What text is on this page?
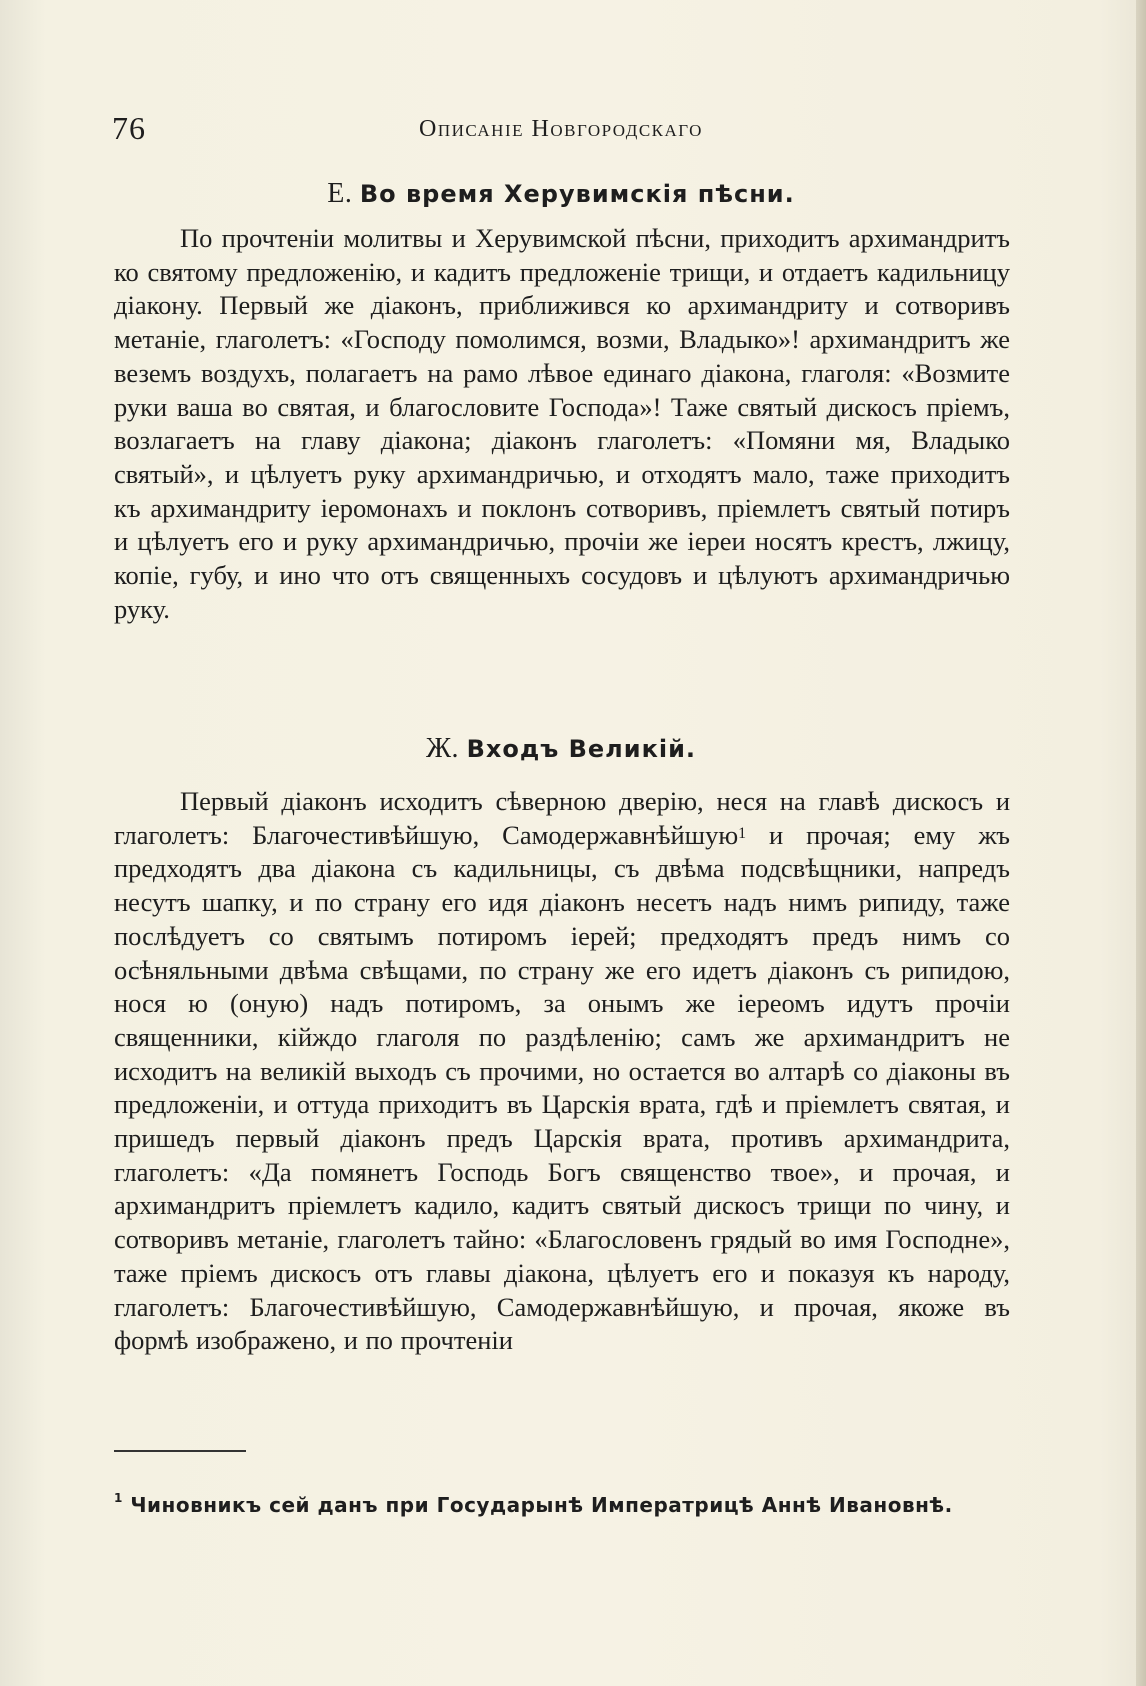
76	Описаніе Новгородскаго
Е. Во время Херувимскія пѣсни.

По прочтеніи молитвы и Херувимской пѣсни, приходитъ архимандритъ ко святому предложенію, и кадитъ предложеніе трищи, и отдаетъ кадильницу діакону. Первый же діаконъ, приближився ко архимандриту и сотворивъ метаніе, глаголетъ: «Господу помолимся, возми, Владыко»! архимандритъ же веземъ воздухъ, полагаетъ на рамо лѣвое единаго діакона, глаголя: «Возмите руки ваша во святая, и благословите Господа»! Таже святый дискосъ пріемъ, возлагаетъ на главу діакона; діаконъ глаголетъ: «Помяни мя, Владыко святый», и цѣлуетъ руку архимандричью, и отходятъ мало, таже приходитъ къ архимандриту іеромонахъ и поклонъ сотворивъ, пріемлетъ святый потиръ и цѣлуетъ его и руку архимандричью, прочіи же іереи носятъ крестъ, лжицу, копіе, губу, и ино что отъ священныхъ сосудовъ и цѣлуютъ архимандричью руку.

Ж. Входъ Великій.

Первый діаконъ исходитъ сѣверною дверію, неся на главѣ дискосъ и глаголетъ: Благочестивѣйшую, Самодержавнѣйшую$^1$ и прочая; ему жъ предходятъ два діакона съ кадильницы, съ двѣма подсвѣщники, напредъ несутъ шапку, и по страну его идя діаконъ несетъ надъ нимъ рипиду, таже послѣдуетъ со святымъ потиромъ іерей; предходятъ предъ нимъ со осѣняльными двѣма свѣщами, по страну же его идетъ діаконъ съ рипидою, нося ю (оную) надъ потиромъ, за онымъ же іереомъ идутъ прочіи священники, кійждо глаголя по раздѣленію; самъ же архимандритъ не исходитъ на великій выходъ съ прочими, но остается во алтарѣ со діаконы въ предложеніи, и оттуда приходитъ въ Царскія врата, гдѣ и пріемлетъ святая, и пришедъ первый діаконъ предъ Царскія врата, противъ архимандрита, глаголетъ: «Да помянетъ Господь Богъ священство твое», и прочая, и архимандритъ пріемлетъ кадило, кадитъ святый дискосъ трищи по чину, и сотворивъ метаніе, глаголетъ тайно: «Благословенъ грядый во имя Господне», таже пріемъ дискосъ отъ главы діакона, цѣлуетъ его и показуя къ народу, глаголетъ: Благочестивѣйшую, Самодержавнѣйшую, и прочая, якоже въ формѣ изображено, и по прочтеніи

$^1$ Чиновникъ сей данъ при Государынѣ Императрицѣ Аннѣ Ивановнѣ.
